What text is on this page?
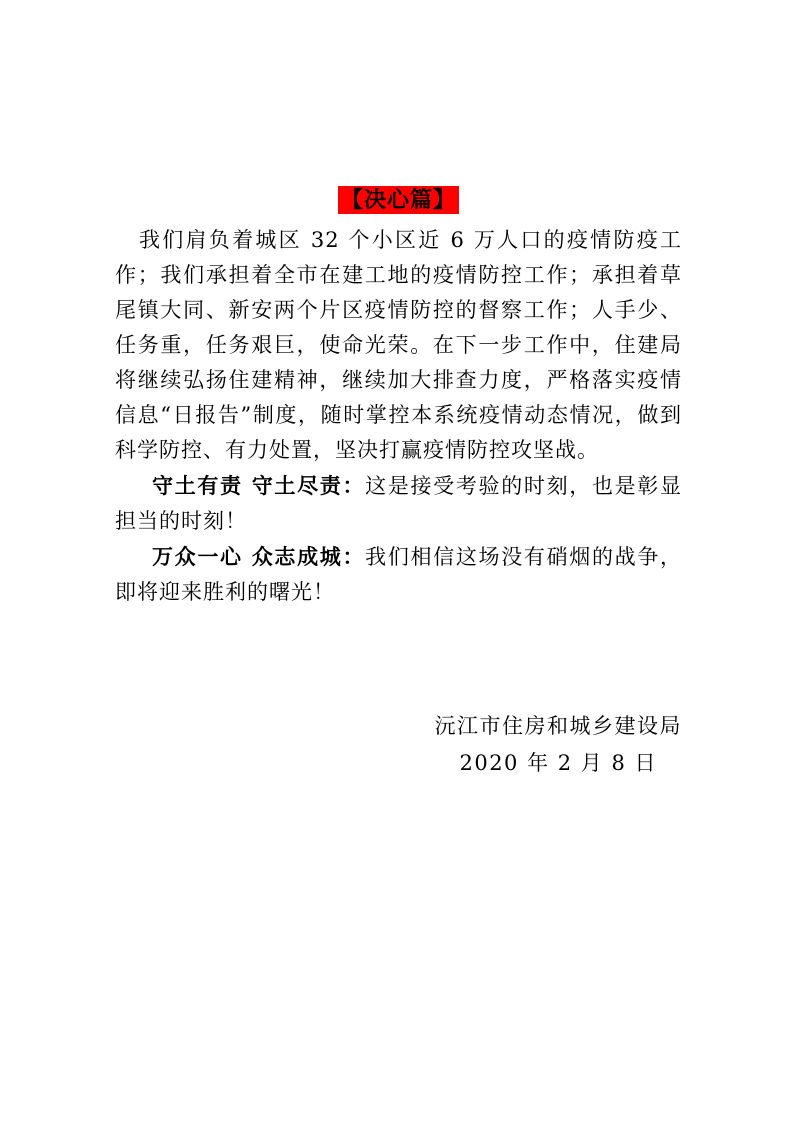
【决心篇】

我们肩负着城区 32 个小区近 6 万人口的疫情防疫工作；我们承担着全市在建工地的疫情防控工作；承担着草尾镇大同、新安两个片区疫情防控的督察工作；人手少、任务重，任务艰巨，使命光荣。在下一步工作中，住建局将继续弘扬住建精神，继续加大排查力度，严格落实疫情信息“日报告”制度，随时掌控本系统疫情动态情况，做到科学防控、有力处置，坚决打赢疫情防控攻坚战。

守土有责 守土尽责：这是接受考验的时刻，也是彰显担当的时刻！

万众一心 众志成城：我们相信这场没有硝烟的战争，即将迎来胜利的曙光！

沅江市住房和城乡建设局
2020 年 2 月 8 日
